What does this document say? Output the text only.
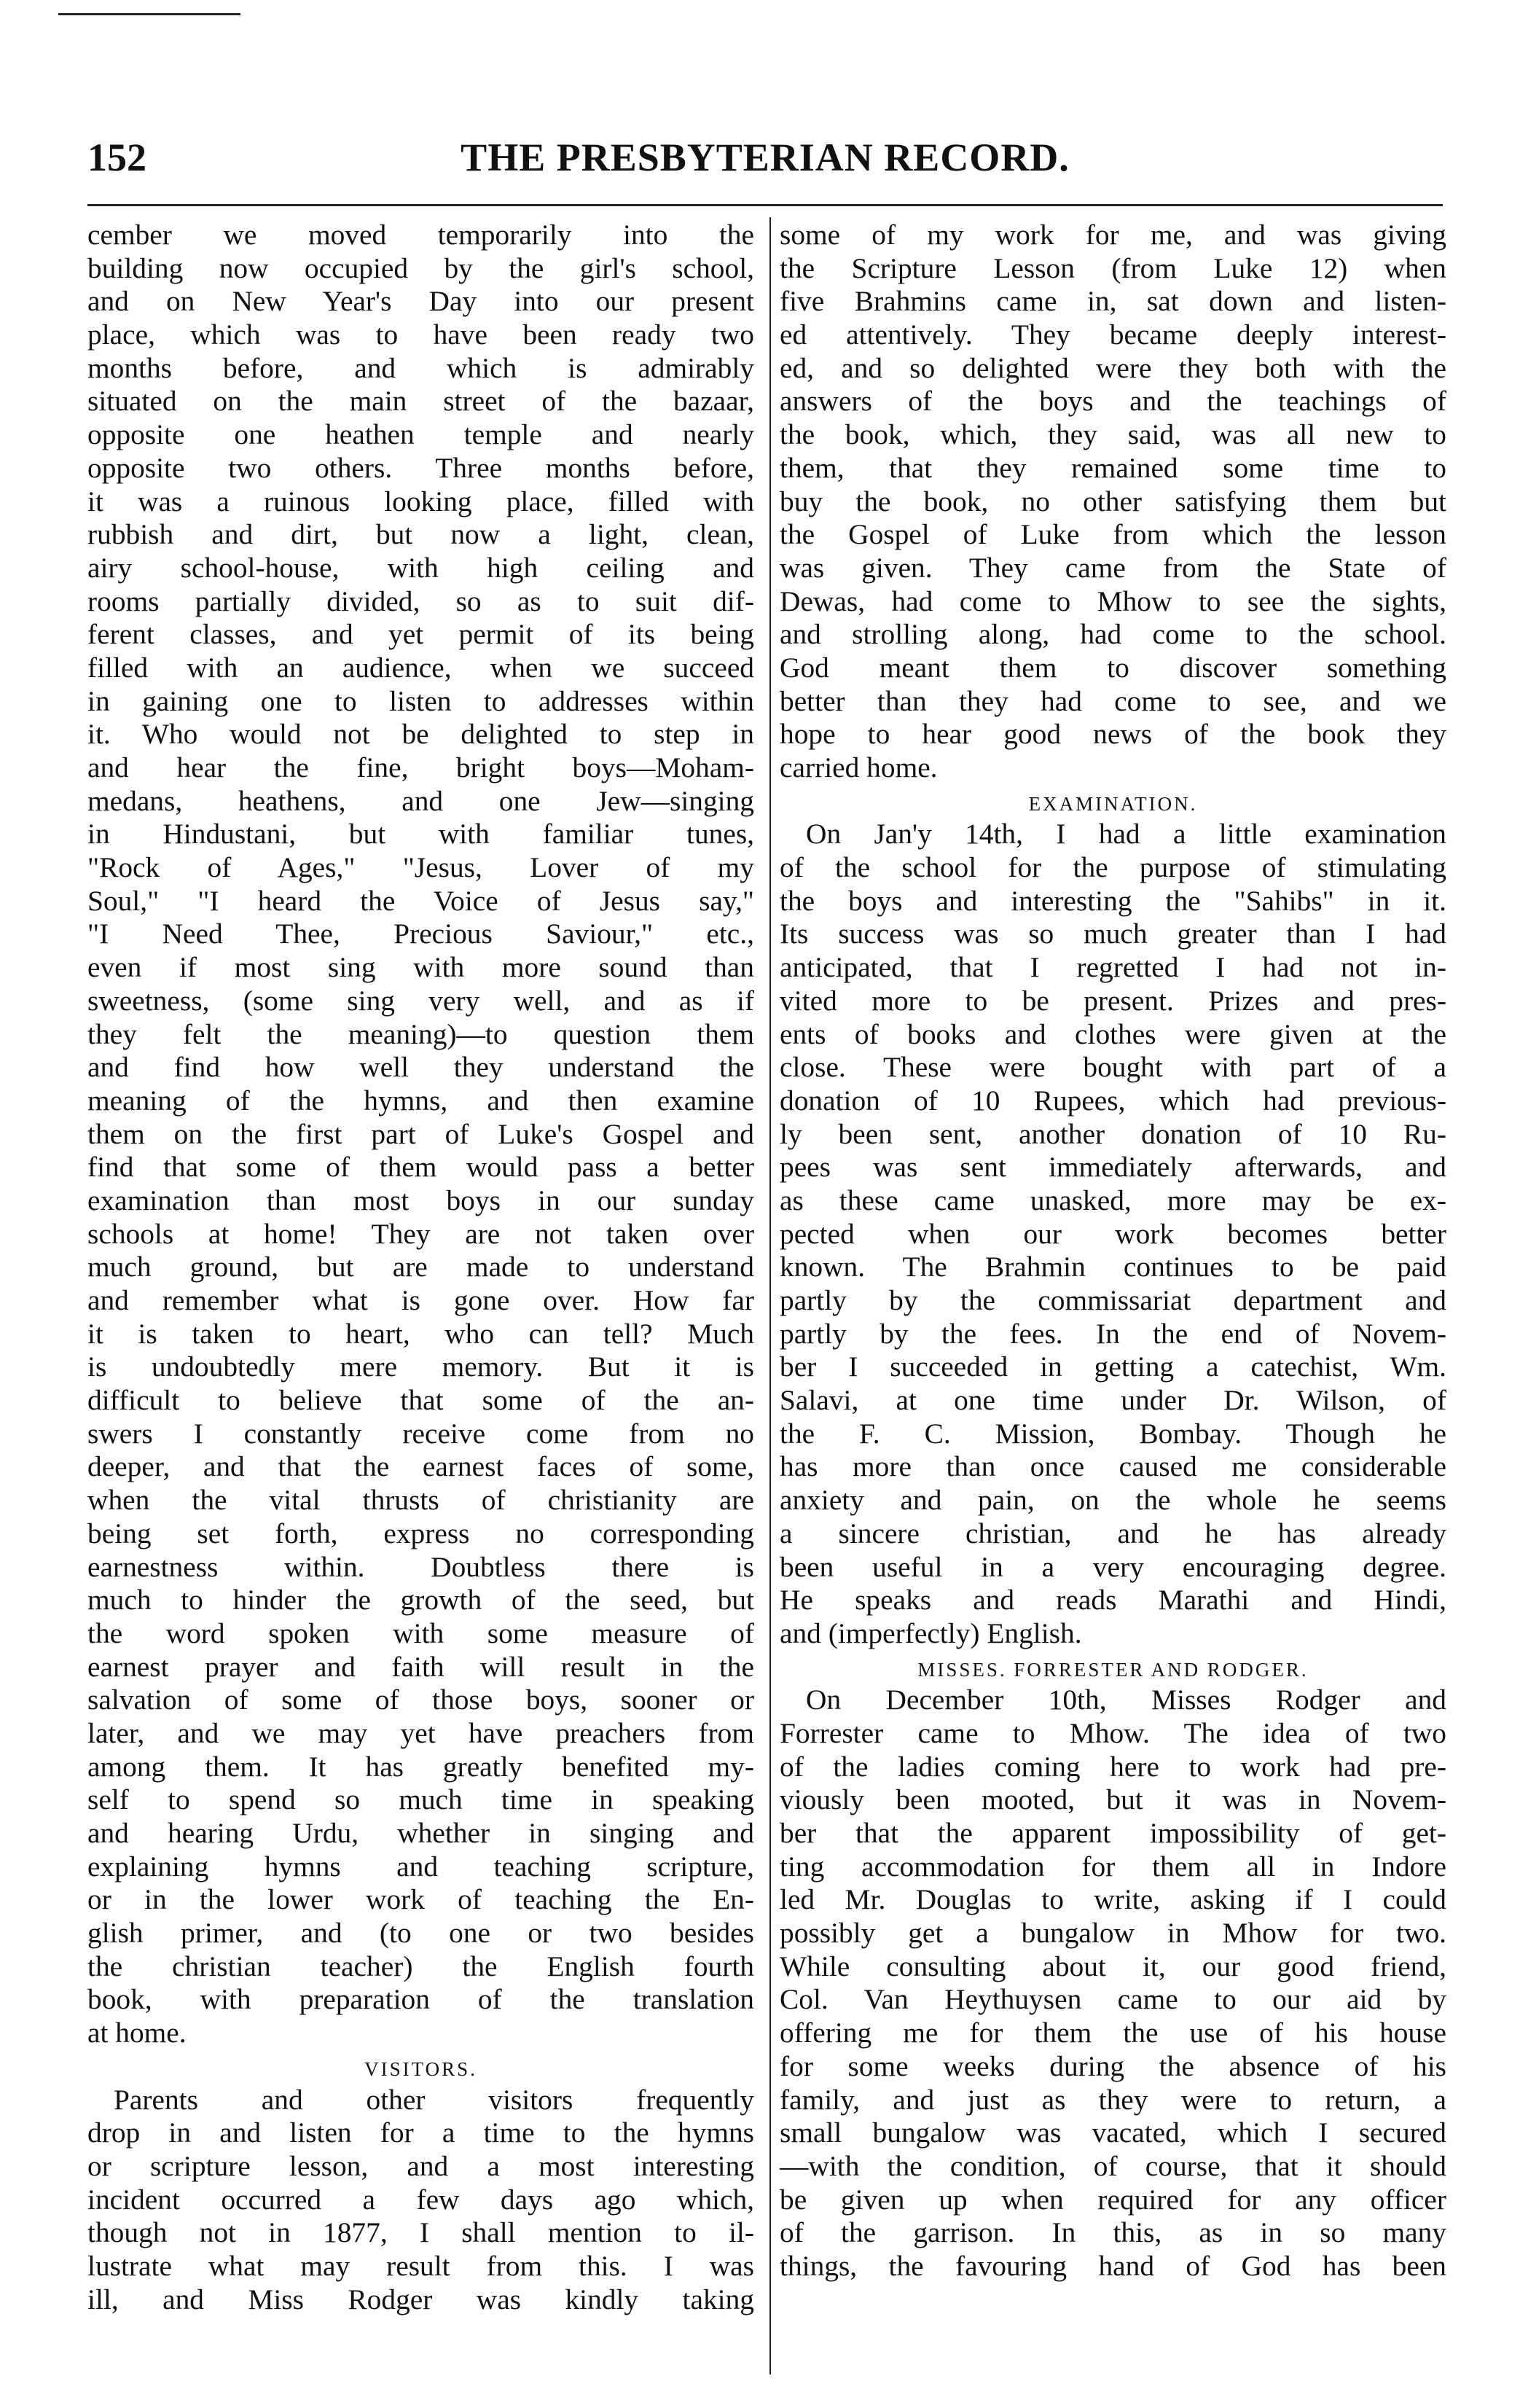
152	THE PRESBYTERIAN RECORD.
cember we moved temporarily into the
building now occupied by the girl's school,
and on New Year's Day into our present
place, which was to have been ready two
months before, and which is admirably
situated on the main street of the bazaar,
opposite one heathen temple and nearly
opposite two others. Three months before,
it was a ruinous looking place, filled with
rubbish and dirt, but now a light, clean,
airy school-house, with high ceiling and
rooms partially divided, so as to suit dif-
ferent classes, and yet permit of its being
filled with an audience, when we succeed
in gaining one to listen to addresses within
it. Who would not be delighted to step in
and hear the fine, bright boys—Moham-
medans, heathens, and one Jew—singing
in Hindustani, but with familiar tunes,
"Rock of Ages," "Jesus, Lover of my
Soul," "I heard the Voice of Jesus say,"
"I Need Thee, Precious Saviour," etc.,
even if most sing with more sound than
sweetness, (some sing very well, and as if
they felt the meaning)—to question them
and find how well they understand the
meaning of the hymns, and then examine
them on the first part of Luke's Gospel and
find that some of them would pass a better
examination than most boys in our sunday
schools at home! They are not taken over
much ground, but are made to understand
and remember what is gone over. How far
it is taken to heart, who can tell? Much
is undoubtedly mere memory. But it is
difficult to believe that some of the an-
swers I constantly receive come from no
deeper, and that the earnest faces of some,
when the vital thrusts of christianity are
being set forth, express no corresponding
earnestness within. Doubtless there is
much to hinder the growth of the seed, but
the word spoken with some measure of
earnest prayer and faith will result in the
salvation of some of those boys, sooner or
later, and we may yet have preachers from
among them. It has greatly benefited my-
self to spend so much time in speaking
and hearing Urdu, whether in singing and
explaining hymns and teaching scripture,
or in the lower work of teaching the En-
glish primer, and (to one or two besides
the christian teacher) the English fourth
book, with preparation of the translation
at home.
VISITORS.
Parents and other visitors frequently
drop in and listen for a time to the hymns
or scripture lesson, and a most interesting
incident occurred a few days ago which,
though not in 1877, I shall mention to il-
lustrate what may result from this. I was
ill, and Miss Rodger was kindly taking
some of my work for me, and was giving
the Scripture Lesson (from Luke 12) when
five Brahmins came in, sat down and listen-
ed attentively. They became deeply interest-
ed, and so delighted were they both with the
answers of the boys and the teachings of
the book, which, they said, was all new to
them, that they remained some time to
buy the book, no other satisfying them but
the Gospel of Luke from which the lesson
was given. They came from the State of
Dewas, had come to Mhow to see the sights,
and strolling along, had come to the school.
God meant them to discover something
better than they had come to see, and we
hope to hear good news of the book they
carried home.
EXAMINATION.
On Jan'y 14th, I had a little examination
of the school for the purpose of stimulating
the boys and interesting the "Sahibs" in it.
Its success was so much greater than I had
anticipated, that I regretted I had not in-
vited more to be present. Prizes and pres-
ents of books and clothes were given at the
close. These were bought with part of a
donation of 10 Rupees, which had previous-
ly been sent, another donation of 10 Ru-
pees was sent immediately afterwards, and
as these came unasked, more may be ex-
pected when our work becomes better
known. The Brahmin continues to be paid
partly by the commissariat department and
partly by the fees. In the end of Novem-
ber I succeeded in getting a catechist, Wm.
Salavi, at one time under Dr. Wilson, of
the F. C. Mission, Bombay. Though he
has more than once caused me considerable
anxiety and pain, on the whole he seems
a sincere christian, and he has already
been useful in a very encouraging degree.
He speaks and reads Marathi and Hindi,
and (imperfectly) English.
MISSES. FORRESTER AND RODGER.
On December 10th, Misses Rodger and
Forrester came to Mhow. The idea of two
of the ladies coming here to work had pre-
viously been mooted, but it was in Novem-
ber that the apparent impossibility of get-
ting accommodation for them all in Indore
led Mr. Douglas to write, asking if I could
possibly get a bungalow in Mhow for two.
While consulting about it, our good friend,
Col. Van Heythuysen came to our aid by
offering me for them the use of his house
for some weeks during the absence of his
family, and just as they were to return, a
small bungalow was vacated, which I secured
—with the condition, of course, that it should
be given up when required for any officer
of the garrison. In this, as in so many
things, the favouring hand of God has been
